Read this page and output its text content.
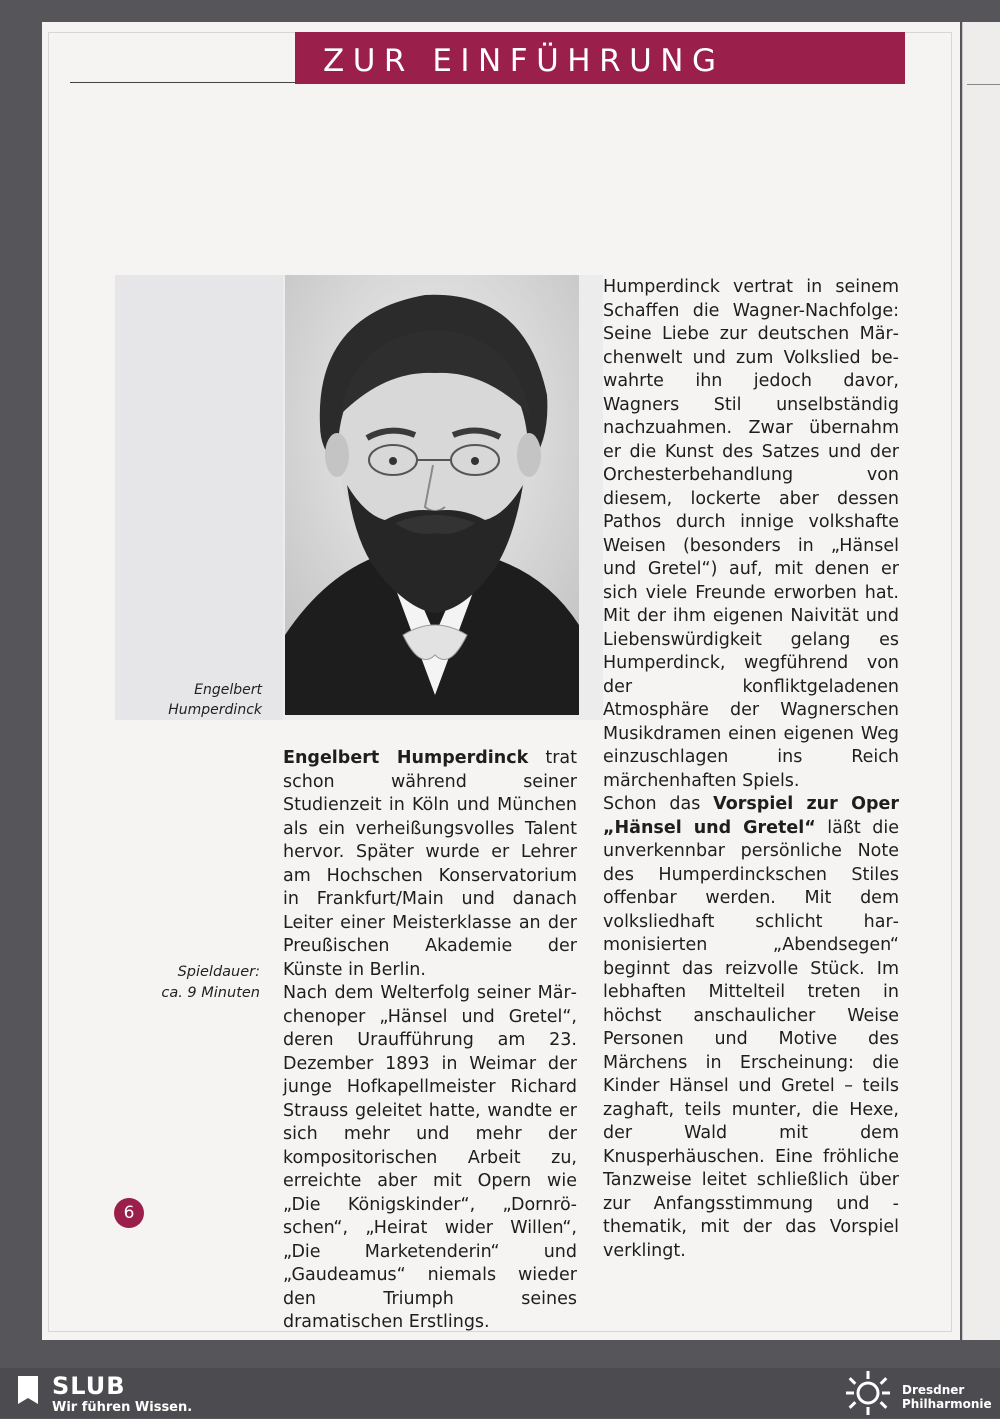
ZUR EINFÜHRUNG
Engelbert
Humperdinck
Spieldauer:
ca. 9 Minuten

Engelbert Humperdinck trat schon während seiner Studienzeit in Köln und München als ein verheißungsvolles Talent hervor. Später wurde er Lehrer am Hochschen Konservatorium in Frankfurt/Main und danach Leiter einer Meisterklasse an der Preußischen Akademie der Künste in Berlin.

Nach dem Welterfolg seiner Märchenoper „Hänsel und Gretel“, deren Uraufführung am 23. Dezember 1893 in Weimar der junge Hofkapellmeister Richard Strauss geleitet hatte, wandte er sich mehr und mehr der kompositorischen Arbeit zu, erreichte aber mit Opern wie „Die Königskinder“, „Dornröschen“, „Heirat wider Willen“, „Die Marketenderin“ und „Gaudeamus“ niemals wieder den Triumph seines dramatischen Erstlings.

Humperdinck vertrat in seinem Schaffen die Wagner-Nachfolge: Seine Liebe zur deutschen Märchenwelt und zum Volkslied bewahrte ihn jedoch davor, Wagners Stil unselbständig nachzuahmen. Zwar übernahm er die Kunst des Satzes und der Orchesterbehandlung von diesem, lockerte aber dessen Pathos durch innige volkshafte Weisen (besonders in „Hänsel und Gretel“) auf, mit denen er sich viele Freunde erworben hat. Mit der ihm eigenen Naivität und Liebenswürdigkeit gelang es Humperdinck, wegführend von der konfliktgeladenen Atmosphäre der Wagnerschen Musikdramen einen eigenen Weg einzuschlagen ins Reich märchenhaften Spiels.

Schon das Vorspiel zur Oper „Hänsel und Gretel“ läßt die unverkennbar persönliche Note des Humperdinckschen Stiles offenbar werden. Mit dem volksliedhaft schlicht harmonisierten „Abendsegen“ beginnt das reizvolle Stück. Im lebhaften Mittelteil treten in höchst anschaulicher Weise Personen und Motive des Märchens in Erscheinung: die Kinder Hänsel und Gretel – teils zaghaft, teils munter, die Hexe, der Wald mit dem Knusperhäuschen. Eine fröhliche Tanzweise leitet schließlich über zur Anfangsstimmung und -thematik, mit der das Vorspiel verklingt.

6
SLUB
Wir führen Wissen.
Dresdner
Philharmonie
